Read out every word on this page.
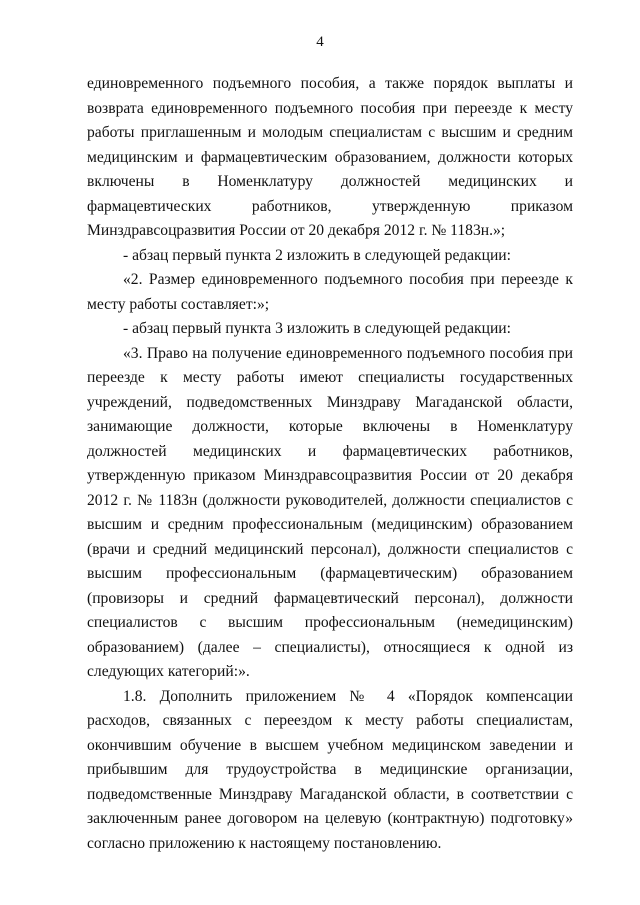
4

единовременного подъемного пособия, а также порядок выплаты и возврата единовременного подъемного пособия при переезде к месту работы приглашенным и молодым специалистам с высшим и средним медицинским и фармацевтическим образованием, должности которых включены в Номенклатуру должностей медицинских и фармацевтических работников, утвержденную приказом Минздравсоцразвития России от 20 декабря 2012 г. № 1183н.»;

- абзац первый пункта 2 изложить в следующей редакции:

«2. Размер единовременного подъемного пособия при переезде к месту работы составляет:»;

- абзац первый пункта 3 изложить в следующей редакции:

«3. Право на получение единовременного подъемного пособия при переезде к месту работы имеют специалисты государственных учреждений, подведомственных Минздраву Магаданской области, занимающие должности, которые включены в Номенклатуру должностей медицинских и фармацевтических работников, утвержденную приказом Минздравсоцразвития России от 20 декабря 2012 г. № 1183н (должности руководителей, должности специалистов с высшим и средним профессиональным (медицинским) образованием (врачи и средний медицинский персонал), должности специалистов с высшим профессиональным (фармацевтическим) образованием (провизоры и средний фармацевтический персонал), должности специалистов с высшим профессиональным (немедицинским) образованием) (далее – специалисты), относящиеся к одной из следующих категорий:».

1.8. Дополнить приложением № 4 «Порядок компенсации расходов, связанных с переездом к месту работы специалистам, окончившим обучение в высшем учебном медицинском заведении и прибывшим для трудоустройства в медицинские организации, подведомственные Минздраву Магаданской области, в соответствии с заключенным ранее договором на целевую (контрактную) подготовку» согласно приложению к настоящему постановлению.
